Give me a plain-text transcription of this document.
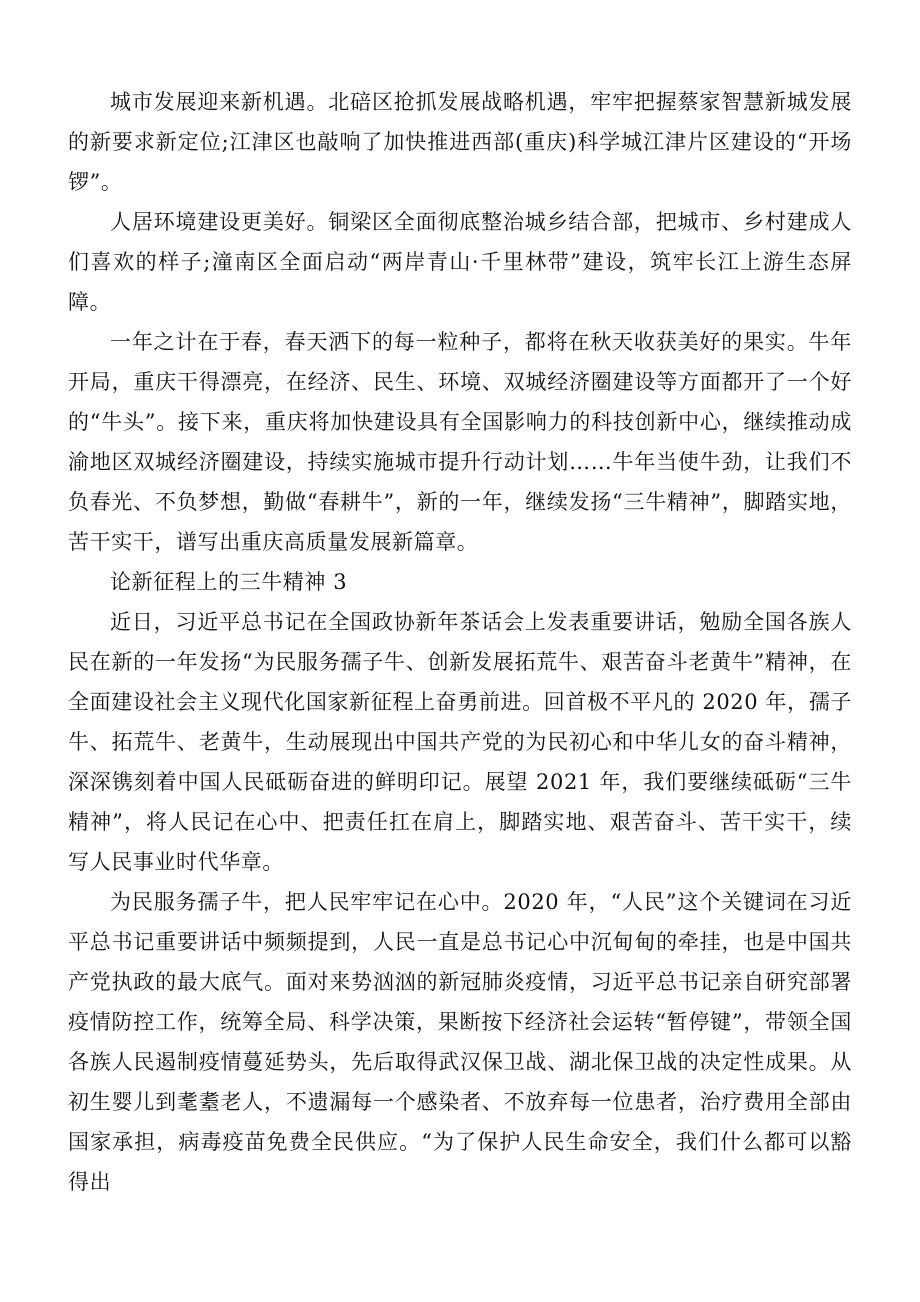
城市发展迎来新机遇。北碚区抢抓发展战略机遇，牢牢把握蔡家智慧新城发展的新要求新定位;江津区也敲响了加快推进西部(重庆)科学城江津片区建设的“开场锣”。

人居环境建设更美好。铜梁区全面彻底整治城乡结合部，把城市、乡村建成人们喜欢的样子;潼南区全面启动“两岸青山·千里林带”建设，筑牢长江上游生态屏障。

一年之计在于春，春天洒下的每一粒种子，都将在秋天收获美好的果实。牛年开局，重庆干得漂亮，在经济、民生、环境、双城经济圈建设等方面都开了一个好的“牛头”。接下来，重庆将加快建设具有全国影响力的科技创新中心，继续推动成渝地区双城经济圈建设，持续实施城市提升行动计划……牛年当使牛劲，让我们不负春光、不负梦想，勤做“春耕牛”，新的一年，继续发扬“三牛精神”，脚踏实地，苦干实干，谱写出重庆高质量发展新篇章。

论新征程上的三牛精神 3

近日，习近平总书记在全国政协新年茶话会上发表重要讲话，勉励全国各族人民在新的一年发扬“为民服务孺子牛、创新发展拓荒牛、艰苦奋斗老黄牛”精神，在全面建设社会主义现代化国家新征程上奋勇前进。回首极不平凡的 2020 年，孺子牛、拓荒牛、老黄牛，生动展现出中国共产党的为民初心和中华儿女的奋斗精神，深深镌刻着中国人民砥砺奋进的鲜明印记。展望 2021 年，我们要继续砥砺“三牛精神”，将人民记在心中、把责任扛在肩上，脚踏实地、艰苦奋斗、苦干实干，续写人民事业时代华章。

为民服务孺子牛，把人民牢牢记在心中。2020 年，“人民”这个关键词在习近平总书记重要讲话中频频提到，人民一直是总书记心中沉甸甸的牵挂，也是中国共产党执政的最大底气。面对来势汹汹的新冠肺炎疫情，习近平总书记亲自研究部署疫情防控工作，统筹全局、科学决策，果断按下经济社会运转“暂停键”，带领全国各族人民遏制疫情蔓延势头，先后取得武汉保卫战、湖北保卫战的决定性成果。从初生婴儿到耄耋老人，不遗漏每一个感染者、不放弃每一位患者，治疗费用全部由国家承担，病毒疫苗免费全民供应。“为了保护人民生命安全，我们什么都可以豁得出
